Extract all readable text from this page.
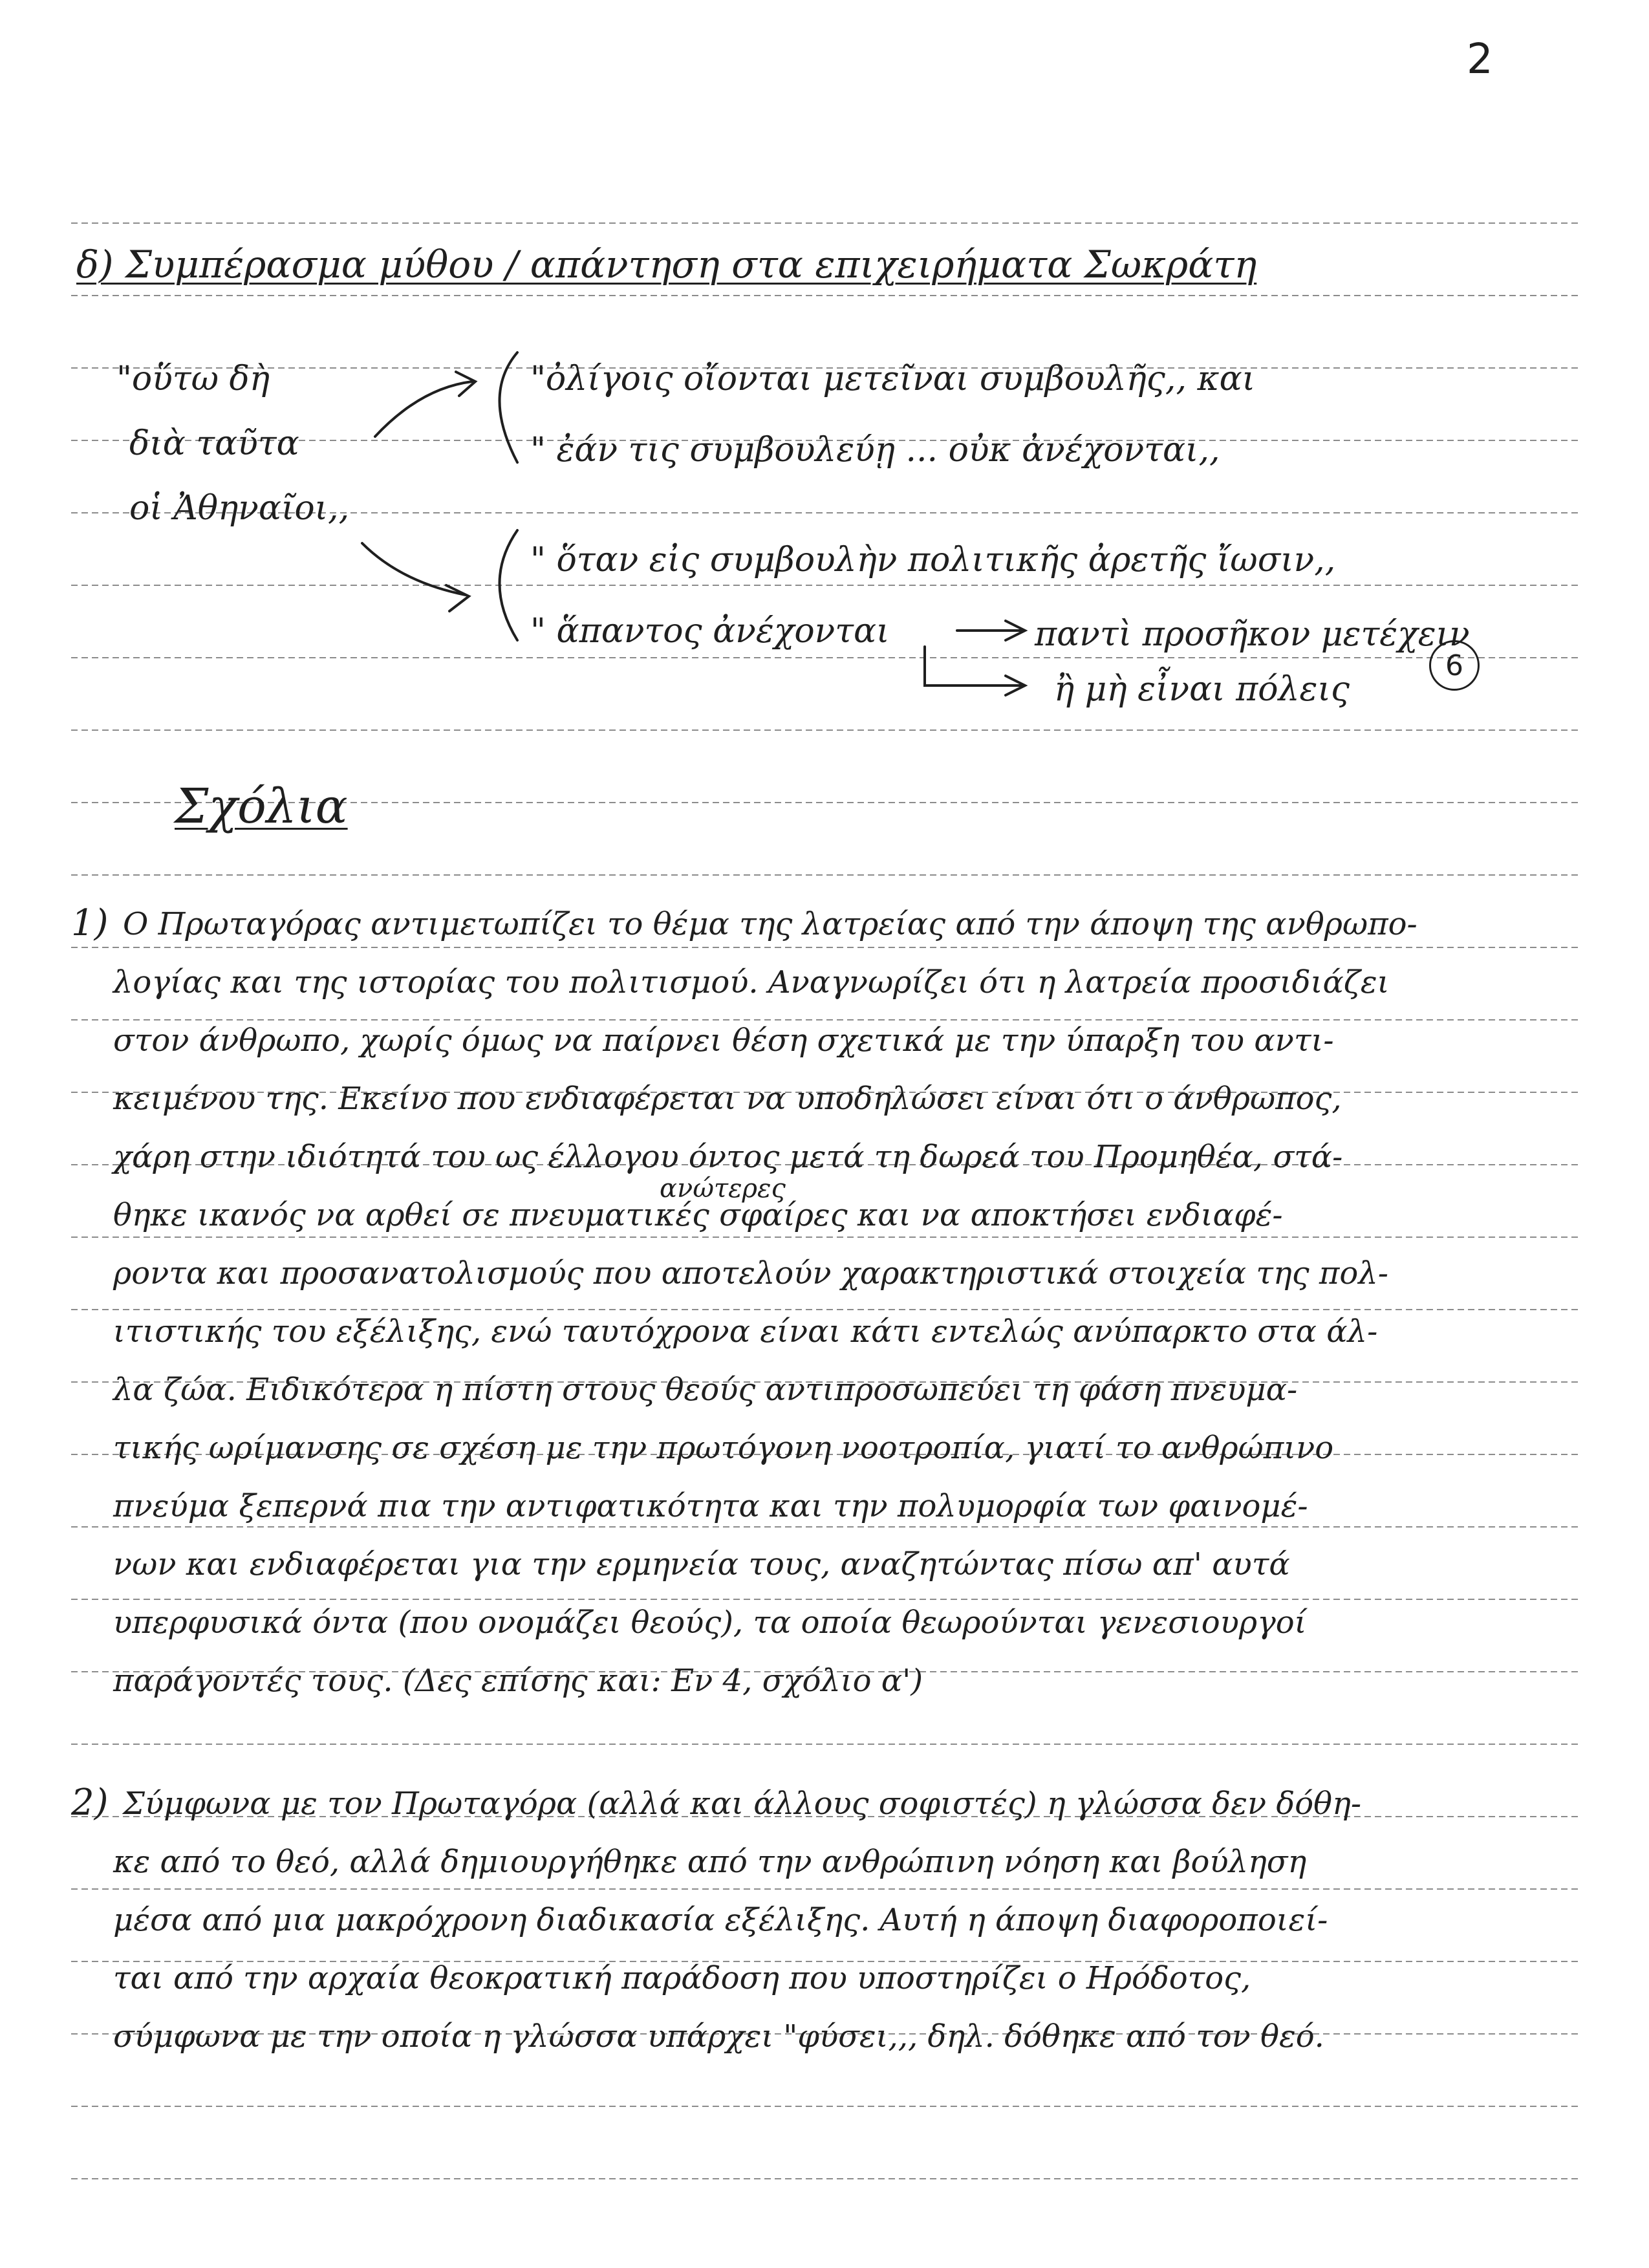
2
δ) Συμπέρασμα μύθου / απάντηση στα επιχειρήματα Σωκράτη
"οὕτω δὴ
διὰ ταῦτα
οἱ Ἀθηναῖοι,,
"ὀλίγοις οἴονται μετεῖναι συμβουλῆς,, και
" ἐάν τις συμβουλεύῃ ... οὐκ ἀνέχονται,,
" ὅταν εἰς συμβουλὴν πολιτικῆς ἀρετῆς ἴωσιν,,
" ἅπαντος ἀνέχονται	παντὶ προσῆκον μετέχειν
ἢ μὴ εἶναι πόλεις
6
Σχόλια
1)
ανώτερες
Ο Πρωταγόρας αντιμετωπίζει το θέμα της λατρείας από την άποψη της ανθρωπο-
λογίας και της ιστορίας του πολιτισμού. Αναγνωρίζει ότι η λατρεία προσιδιάζει
στον άνθρωπο, χωρίς όμως να παίρνει θέση σχετικά με την ύπαρξη του αντι-
κειμένου της. Εκείνο που ενδιαφέρεται να υποδηλώσει είναι ότι ο άνθρωπος,
χάρη στην ιδιότητά του ως έλλογου όντος μετά τη δωρεά του Προμηθέα, στά-
θηκε ικανός να αρθεί σε πνευματικές σφαίρες και να αποκτήσει ενδιαφέ-
ροντα και προσανατολισμούς που αποτελούν χαρακτηριστικά στοιχεία της πολ-
ιτιστικής του εξέλιξης, ενώ ταυτόχρονα είναι κάτι εντελώς ανύπαρκτο στα άλ-
λα ζώα. Ειδικότερα η πίστη στους θεούς αντιπροσωπεύει τη φάση πνευμα-
τικής ωρίμανσης σε σχέση με την πρωτόγονη νοοτροπία, γιατί το ανθρώπινο
πνεύμα ξεπερνά πια την αντιφατικότητα και την πολυμορφία των φαινομέ-
νων και ενδιαφέρεται για την ερμηνεία τους, αναζητώντας πίσω απ' αυτά
υπερφυσικά όντα (που ονομάζει θεούς), τα οποία θεωρούνται γενεσιουργοί
παράγοντές τους. (Δες επίσης και: Εν 4, σχόλιο α')
2) Σύμφωνα με τον Πρωταγόρα (αλλά και άλλους σοφιστές) η γλώσσα δεν δόθη-
κε από το θεό, αλλά δημιουργήθηκε από την ανθρώπινη νόηση και βούληση
μέσα από μια μακρόχρονη διαδικασία εξέλιξης. Αυτή η άποψη διαφοροποιεί-
ται από την αρχαία θεοκρατική παράδοση που υποστηρίζει ο Ηρόδοτος,
σύμφωνα με την οποία η γλώσσα υπάρχει "φύσει,,, δηλ. δόθηκε από τον θεό.
